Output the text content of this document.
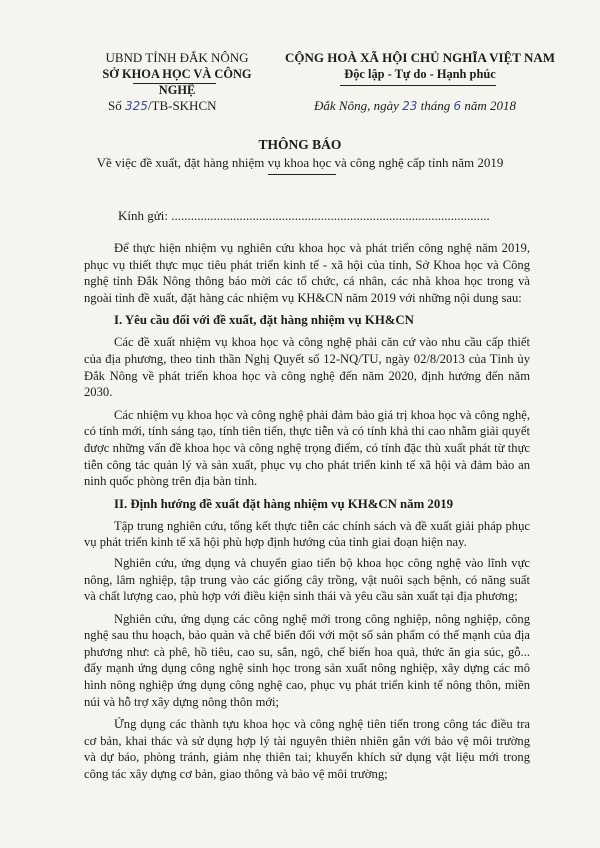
UBND TỈNH ĐẮK NÔNG
SỞ KHOA HỌC VÀ CÔNG NGHỆ
CỘNG HOÀ XÃ HỘI CHỦ NGHĨA VIỆT NAM
Độc lập - Tự do - Hạnh phúc
Số 325/TB-SKHCN	Đắk Nông, ngày 23 tháng 6 năm 2018
THÔNG BÁO
Về việc đề xuất, đặt hàng nhiệm vụ khoa học và công nghệ cấp tỉnh năm 2019
Kính gửi: ..................................................................................................

Để thực hiện nhiệm vụ nghiên cứu khoa học và phát triển công nghệ năm 2019, phục vụ thiết thực mục tiêu phát triển kinh tế - xã hội của tỉnh, Sở Khoa học và Công nghệ tỉnh Đắk Nông thông báo mời các tổ chức, cá nhân, các nhà khoa học trong và ngoài tỉnh đề xuất, đặt hàng các nhiệm vụ KH&CN năm 2019 với những nội dung sau:

I. Yêu cầu đối với đề xuất, đặt hàng nhiệm vụ KH&CN

Các đề xuất nhiệm vụ khoa học và công nghệ phải căn cứ vào nhu cầu cấp thiết của địa phương, theo tinh thần Nghị Quyết số 12-NQ/TU, ngày 02/8/2013 của Tỉnh ủy Đắk Nông về phát triển khoa học và công nghệ đến năm 2020, định hướng đến năm 2030.

Các nhiệm vụ khoa học và công nghệ phải đảm bảo giá trị khoa học và công nghệ, có tính mới, tính sáng tạo, tính tiên tiến, thực tiễn và có tính khả thi cao nhằm giải quyết được những vấn đề khoa học và công nghệ trọng điểm, có tính đặc thù xuất phát từ thực tiễn công tác quản lý và sản xuất, phục vụ cho phát triển kinh tế xã hội và đảm bảo an ninh quốc phòng trên địa bàn tỉnh.

II. Định hướng đề xuất đặt hàng nhiệm vụ KH&CN năm 2019

Tập trung nghiên cứu, tổng kết thực tiễn các chính sách và đề xuất giải pháp phục vụ phát triển kinh tế xã hội phù hợp định hướng của tỉnh giai đoạn hiện nay.

Nghiên cứu, ứng dụng và chuyển giao tiến bộ khoa học công nghệ vào lĩnh vực nông, lâm nghiệp, tập trung vào các giống cây trồng, vật nuôi sạch bệnh, có năng suất và chất lượng cao, phù hợp với điều kiện sinh thái và yêu cầu sản xuất tại địa phương;

Nghiên cứu, ứng dụng các công nghệ mới trong công nghiệp, nông nghiệp, công nghệ sau thu hoạch, bảo quản và chế biến đối với một số sản phẩm có thế mạnh của địa phương như: cà phê, hồ tiêu, cao su, sắn, ngô, chế biến hoa quả, thức ăn gia súc, gỗ... đẩy mạnh ứng dụng công nghệ sinh học trong sản xuất nông nghiệp, xây dựng các mô hình nông nghiệp ứng dụng công nghệ cao, phục vụ phát triển kinh tế nông thôn, miền núi và hỗ trợ xây dựng nông thôn mới;

Ứng dụng các thành tựu khoa học và công nghệ tiên tiến trong công tác điều tra cơ bản, khai thác và sử dụng hợp lý tài nguyên thiên nhiên gắn với bảo vệ môi trường và dự báo, phòng tránh, giảm nhẹ thiên tai; khuyến khích sử dụng vật liệu mới trong công tác xây dựng cơ bản, giao thông và bảo vệ môi trường;
